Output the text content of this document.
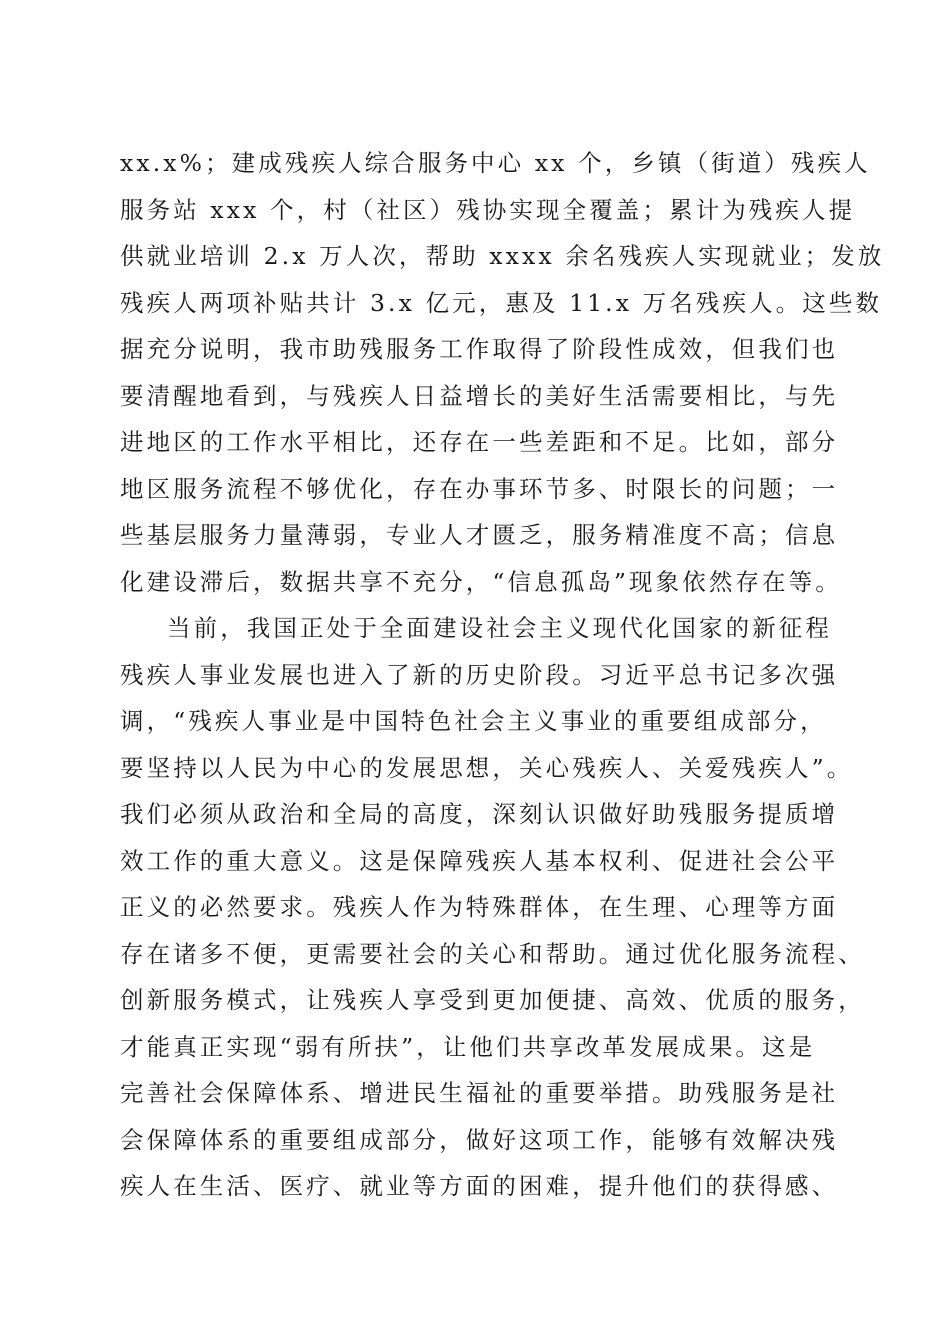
xx.x%；建成残疾人综合服务中心 xx 个，乡镇（街道）残疾人
服务站 xxx 个，村（社区）残协实现全覆盖；累计为残疾人提
供就业培训 2.x 万人次，帮助 xxxx 余名残疾人实现就业；发放
残疾人两项补贴共计 3.x 亿元，惠及 11.x 万名残疾人。这些数
据充分说明，我市助残服务工作取得了阶段性成效，但我们也
要清醒地看到，与残疾人日益增长的美好生活需要相比，与先
进地区的工作水平相比，还存在一些差距和不足。比如，部分
地区服务流程不够优化，存在办事环节多、时限长的问题；一
些基层服务力量薄弱，专业人才匮乏，服务精准度不高；信息
化建设滞后，数据共享不充分，“信息孤岛”现象依然存在等。
当前，我国正处于全面建设社会主义现代化国家的新征程
残疾人事业发展也进入了新的历史阶段。习近平总书记多次强
调，“残疾人事业是中国特色社会主义事业的重要组成部分，
要坚持以人民为中心的发展思想，关心残疾人、关爱残疾人”。
我们必须从政治和全局的高度，深刻认识做好助残服务提质增
效工作的重大意义。这是保障残疾人基本权利、促进社会公平
正义的必然要求。残疾人作为特殊群体，在生理、心理等方面
存在诸多不便，更需要社会的关心和帮助。通过优化服务流程、
创新服务模式，让残疾人享受到更加便捷、高效、优质的服务，
才能真正实现“弱有所扶”，让他们共享改革发展成果。这是
完善社会保障体系、增进民生福祉的重要举措。助残服务是社
会保障体系的重要组成部分，做好这项工作，能够有效解决残
疾人在生活、医疗、就业等方面的困难，提升他们的获得感、
